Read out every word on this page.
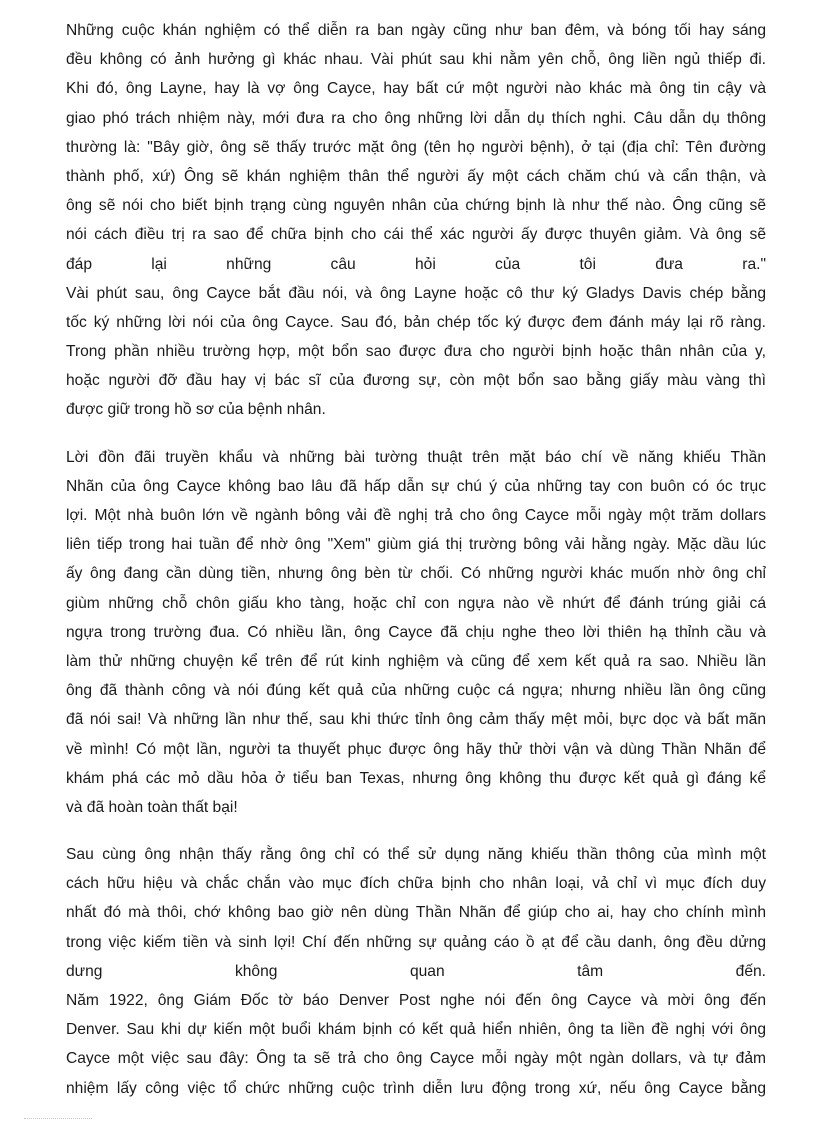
Những cuộc khán nghiệm có thể diễn ra ban ngày cũng như ban đêm, và bóng tối hay sáng
đều không có ảnh hưởng gì khác nhau. Vài phút sau khi nằm yên chỗ, ông liền ngủ thiếp đi.
Khi đó, ông Layne, hay là vợ ông Cayce, hay bất cứ một người nào khác mà ông tin cậy và
giao phó trách nhiệm này, mới đưa ra cho ông những lời dẫn dụ thích nghi. Câu dẫn dụ thông
thường là: "Bây giờ, ông sẽ thấy trước mặt ông (tên họ người bệnh), ở tại (địa chỉ: Tên đường
thành phố, xứ) Ông sẽ khán nghiệm thân thể người ấy một cách chăm chú và cẩn thận, và
ông sẽ nói cho biết bịnh trạng cùng nguyên nhân của chứng bịnh là như thế nào. Ông cũng sẽ
nói cách điều trị ra sao để chữa bịnh cho cái thể xác người ấy được thuyên giảm. Và ông sẽ
đáp lại những câu hỏi của tôi đưa ra."
Vài phút sau, ông Cayce bắt đầu nói, và ông Layne hoặc cô thư ký Gladys Davis chép bằng
tốc ký những lời nói của ông Cayce. Sau đó, bản chép tốc ký được đem đánh máy lại rõ ràng.
Trong phần nhiều trường hợp, một bổn sao được đưa cho người bịnh hoặc thân nhân của y,
hoặc người đỡ đầu hay vị bác sĩ của đương sự, còn một bổn sao bằng giấy màu vàng thì
được giữ trong hồ sơ của bệnh nhân.
Lời đồn đãi truyền khẩu và những bài tường thuật trên mặt báo chí về năng khiếu Thần
Nhãn của ông Cayce không bao lâu đã hấp dẫn sự chú ý của những tay con buôn có óc trục
lợi. Một nhà buôn lớn về ngành bông vải đề nghị trả cho ông Cayce mỗi ngày một trăm dollars
liên tiếp trong hai tuần để nhờ ông "Xem" giùm giá thị trường bông vải hằng ngày. Mặc dầu lúc
ấy ông đang cần dùng tiền, nhưng ông bèn từ chối. Có những người khác muốn nhờ ông chỉ
giùm những chỗ chôn giấu kho tàng, hoặc chỉ con ngựa nào về nhứt để đánh trúng giải cá
ngựa trong trường đua. Có nhiều lần, ông Cayce đã chịu nghe theo lời thiên hạ thỉnh cầu và
làm thử những chuyện kể trên để rút kinh nghiệm và cũng để xem kết quả ra sao. Nhiều lần
ông đã thành công và nói đúng kết quả của những cuộc cá ngựa; nhưng nhiều lần ông cũng
đã nói sai! Và những lần như thế, sau khi thức tỉnh ông cảm thấy mệt mỏi, bực dọc và bất mãn
về mình! Có một lần, người ta thuyết phục được ông hãy thử thời vận và dùng Thần Nhãn để
khám phá các mỏ dầu hỏa ở tiểu ban Texas, nhưng ông không thu được kết quả gì đáng kể
và đã hoàn toàn thất bại!
Sau cùng ông nhận thấy rằng ông chỉ có thể sử dụng năng khiếu thần thông của mình một
cách hữu hiệu và chắc chắn vào mục đích chữa bịnh cho nhân loại, vả chỉ vì mục đích duy
nhất đó mà thôi, chớ không bao giờ nên dùng Thần Nhãn để giúp cho ai, hay cho chính mình
trong việc kiếm tiền và sinh lợi! Chí đến những sự quảng cáo ồ ạt để cầu danh, ông đều dửng
dưng không quan tâm đến.
Năm 1922, ông Giám Đốc tờ báo Denver Post nghe nói đến ông Cayce và mời ông đến
Denver. Sau khi dự kiến một buổi khám bịnh có kết quả hiển nhiên, ông ta liền đề nghị với ông
Cayce một việc sau đây: Ông ta sẽ trả cho ông Cayce mỗi ngày một ngàn dollars, và tự đảm
nhiệm lấy công việc tổ chức những cuộc trình diễn lưu động trong xứ, nếu ông Cayce bằng
